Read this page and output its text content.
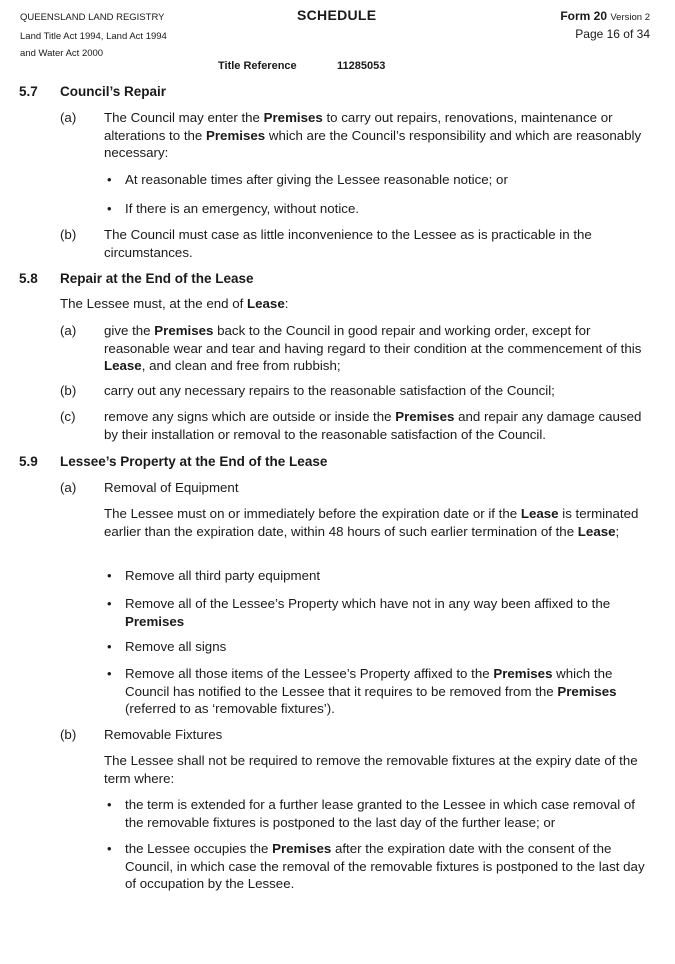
QUEENSLAND LAND REGISTRY
Land Title Act 1994, Land Act 1994
and Water Act 2000
SCHEDULE	Form 20 Version 2
Page 16 of 34
Title Reference	11285053
5.7 Council’s Repair
(a) The Council may enter the Premises to carry out repairs, renovations, maintenance or alterations to the Premises which are the Council’s responsibility and which are reasonably necessary:
• At reasonable times after giving the Lessee reasonable notice; or
• If there is an emergency, without notice.
(b) The Council must case as little inconvenience to the Lessee as is practicable in the circumstances.
5.8 Repair at the End of the Lease
The Lessee must, at the end of Lease:
(a) give the Premises back to the Council in good repair and working order, except for reasonable wear and tear and having regard to their condition at the commencement of this Lease, and clean and free from rubbish;
(b) carry out any necessary repairs to the reasonable satisfaction of the Council;
(c) remove any signs which are outside or inside the Premises and repair any damage caused by their installation or removal to the reasonable satisfaction of the Council.
5.9 Lessee’s Property at the End of the Lease
(a) Removal of Equipment
The Lessee must on or immediately before the expiration date or if the Lease is terminated earlier than the expiration date, within 48 hours of such earlier termination of the Lease;
• Remove all third party equipment
• Remove all of the Lessee’s Property which have not in any way been affixed to the Premises
• Remove all signs
• Remove all those items of the Lessee’s Property affixed to the Premises which the Council has notified to the Lessee that it requires to be removed from the Premises (referred to as ‘removable fixtures’).
(b) Removable Fixtures
The Lessee shall not be required to remove the removable fixtures at the expiry date of the term where:
• the term is extended for a further lease granted to the Lessee in which case removal of the removable fixtures is postponed to the last day of the further lease; or
• the Lessee occupies the Premises after the expiration date with the consent of the Council, in which case the removal of the removable fixtures is postponed to the last day of occupation by the Lessee.
